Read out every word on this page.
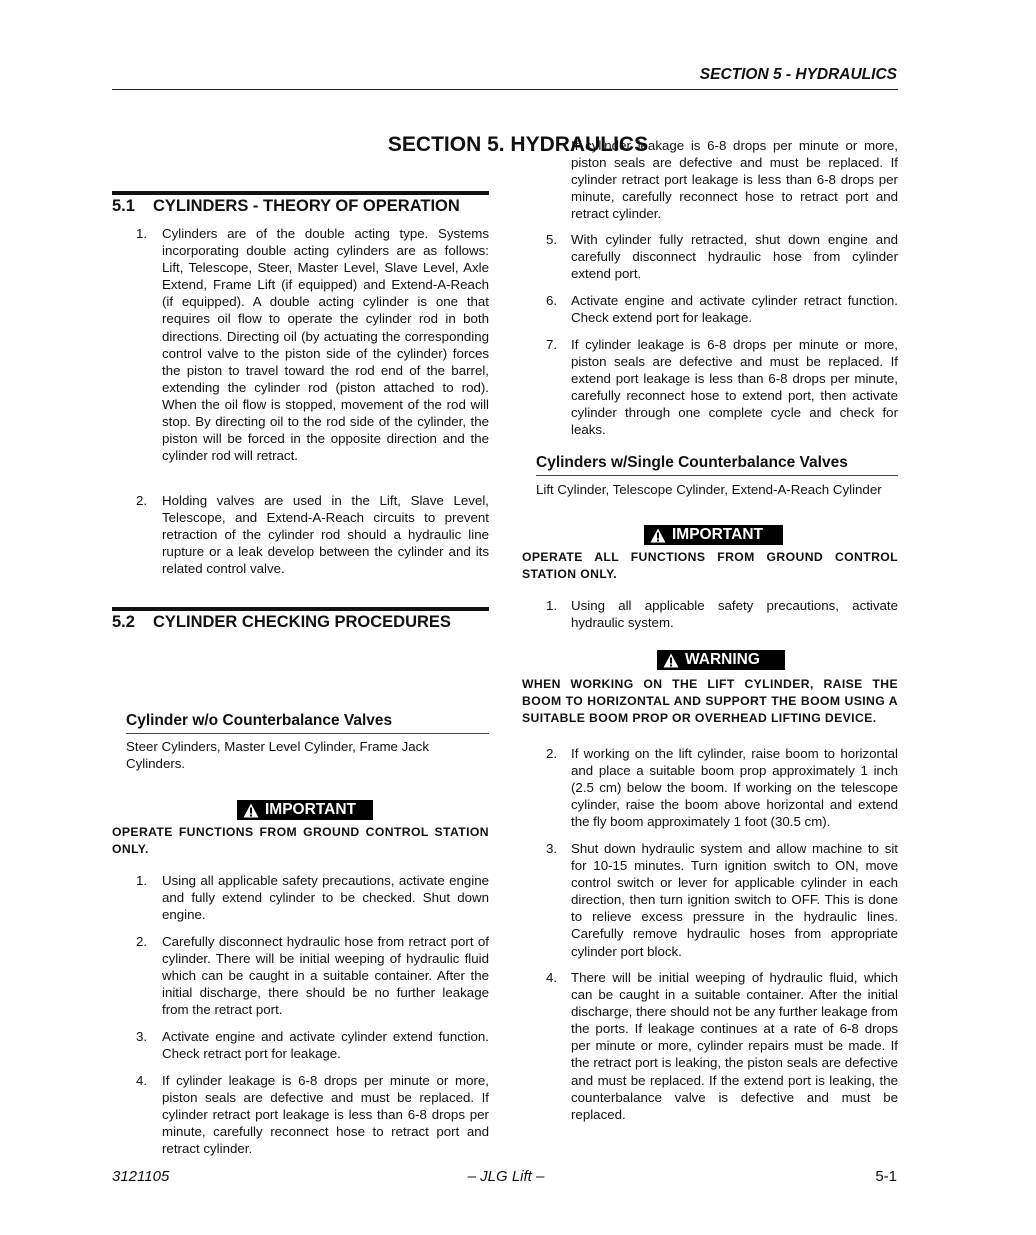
SECTION 5 - HYDRAULICS
SECTION 5. HYDRAULICS
5.1 CYLINDERS - THEORY OF OPERATION
1. Cylinders are of the double acting type. Systems incorporating double acting cylinders are as follows: Lift, Telescope, Steer, Master Level, Slave Level, Axle Extend, Frame Lift (if equipped) and Extend-A-Reach (if equipped). A double acting cylinder is one that requires oil flow to operate the cylinder rod in both directions. Directing oil (by actuating the corresponding control valve to the piston side of the cylinder) forces the piston to travel toward the rod end of the barrel, extending the cylinder rod (piston attached to rod). When the oil flow is stopped, movement of the rod will stop. By directing oil to the rod side of the cylinder, the piston will be forced in the opposite direction and the cylinder rod will retract.
2. Holding valves are used in the Lift, Slave Level, Telescope, and Extend-A-Reach circuits to prevent retraction of the cylinder rod should a hydraulic line rupture or a leak develop between the cylinder and its related control valve.
5.2 CYLINDER CHECKING PROCEDURES
Cylinder w/o Counterbalance Valves
Steer Cylinders, Master Level Cylinder, Frame Jack Cylinders.
IMPORTANT
OPERATE FUNCTIONS FROM GROUND CONTROL STATION ONLY.
1. Using all applicable safety precautions, activate engine and fully extend cylinder to be checked. Shut down engine.
2. Carefully disconnect hydraulic hose from retract port of cylinder. There will be initial weeping of hydraulic fluid which can be caught in a suitable container. After the initial discharge, there should be no further leakage from the retract port.
3. Activate engine and activate cylinder extend function. Check retract port for leakage.
4. If cylinder leakage is 6-8 drops per minute or more, piston seals are defective and must be replaced. If cylinder retract port leakage is less than 6-8 drops per minute, carefully reconnect hose to retract port and retract cylinder.
If cylinder leakage is 6-8 drops per minute or more, piston seals are defective and must be replaced. If cylinder retract port leakage is less than 6-8 drops per minute, carefully reconnect hose to retract port and retract cylinder.
5. With cylinder fully retracted, shut down engine and carefully disconnect hydraulic hose from cylinder extend port.
6. Activate engine and activate cylinder retract function. Check extend port for leakage.
7. If cylinder leakage is 6-8 drops per minute or more, piston seals are defective and must be replaced. If extend port leakage is less than 6-8 drops per minute, carefully reconnect hose to extend port, then activate cylinder through one complete cycle and check for leaks.
Cylinders w/Single Counterbalance Valves
Lift Cylinder, Telescope Cylinder, Extend-A-Reach Cylinder
IMPORTANT
OPERATE ALL FUNCTIONS FROM GROUND CONTROL STATION ONLY.
1. Using all applicable safety precautions, activate hydraulic system.
WARNING
WHEN WORKING ON THE LIFT CYLINDER, RAISE THE BOOM TO HORIZONTAL AND SUPPORT THE BOOM USING A SUITABLE BOOM PROP OR OVERHEAD LIFTING DEVICE.
2. If working on the lift cylinder, raise boom to horizontal and place a suitable boom prop approximately 1 inch (2.5 cm) below the boom. If working on the telescope cylinder, raise the boom above horizontal and extend the fly boom approximately 1 foot (30.5 cm).
3. Shut down hydraulic system and allow machine to sit for 10-15 minutes. Turn ignition switch to ON, move control switch or lever for applicable cylinder in each direction, then turn ignition switch to OFF. This is done to relieve excess pressure in the hydraulic lines. Carefully remove hydraulic hoses from appropriate cylinder port block.
4. There will be initial weeping of hydraulic fluid, which can be caught in a suitable container. After the initial discharge, there should not be any further leakage from the ports. If leakage continues at a rate of 6-8 drops per minute or more, cylinder repairs must be made. If the retract port is leaking, the piston seals are defective and must be replaced. If the extend port is leaking, the counterbalance valve is defective and must be replaced.
3121105	– JLG Lift –	5-1
